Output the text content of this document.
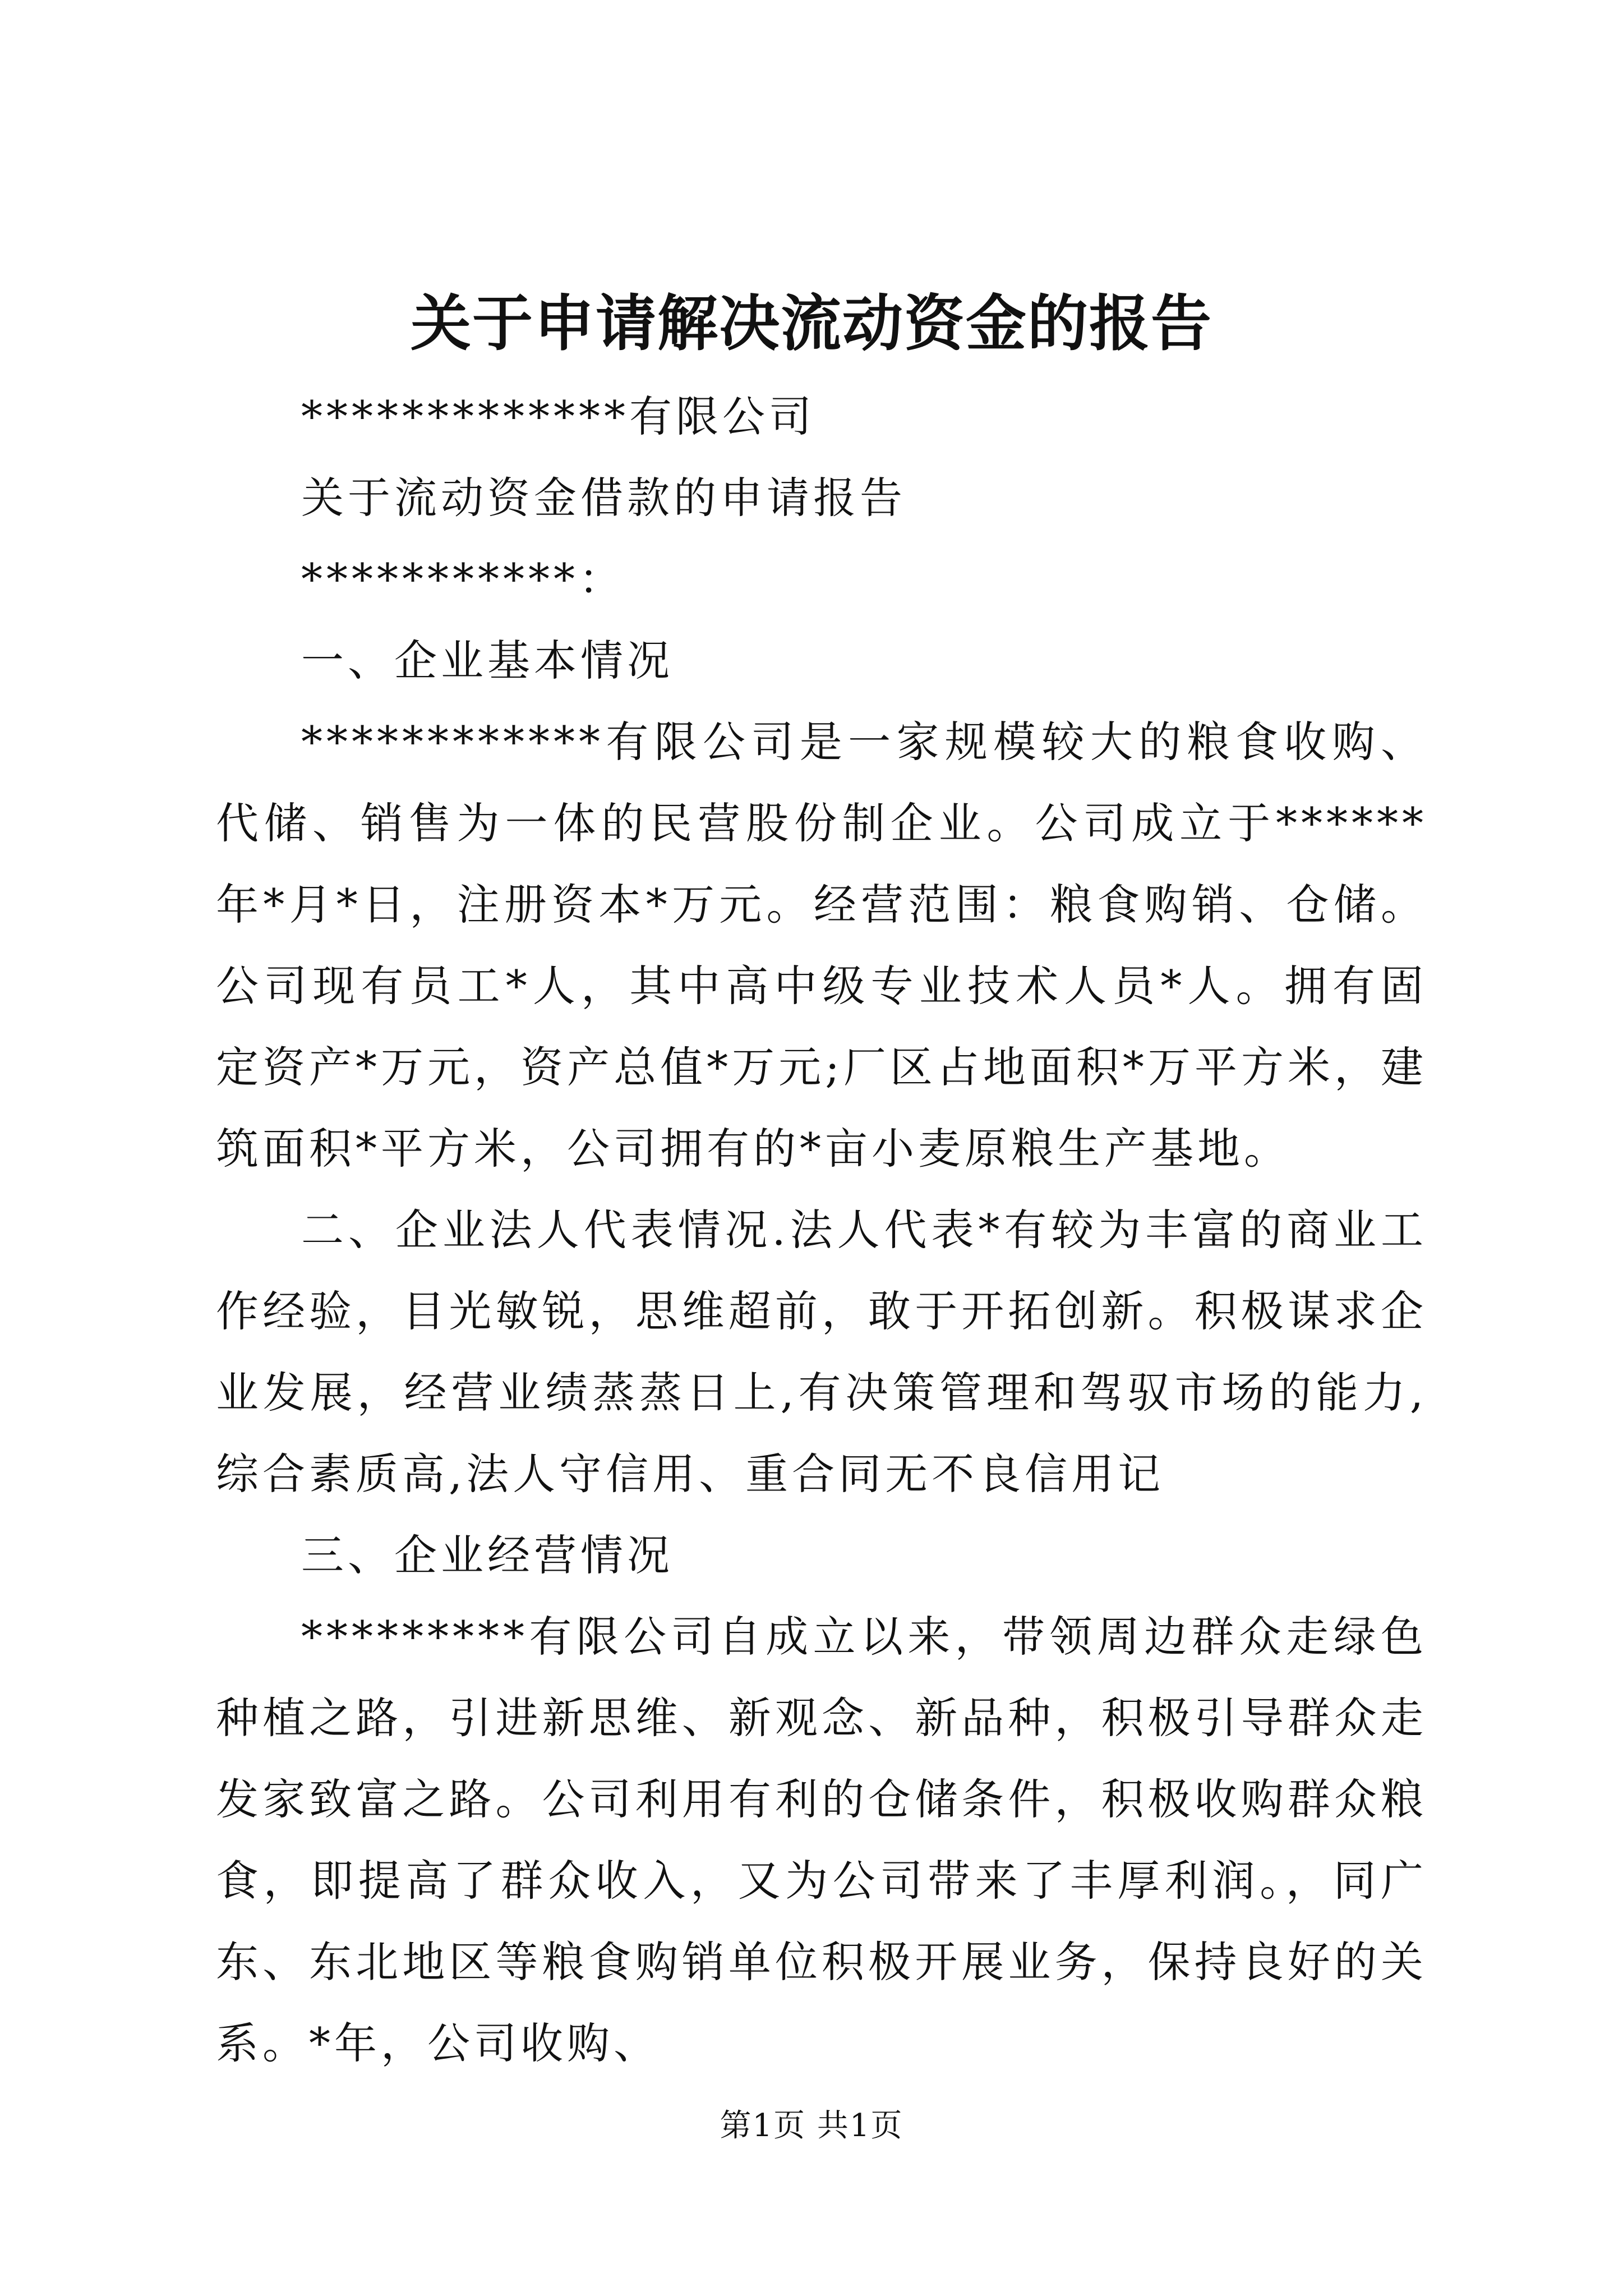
关于申请解决流动资金的报告

*************有限公司

关于流动资金借款的申请报告

***********：

一、企业基本情况

************有限公司是一家规模较大的粮食收购、代储、销售为一体的民营股份制企业。公司成立于******年*月*日，注册资本*万元。经营范围：粮食购销、仓储。公司现有员工*人，其中高中级专业技术人员*人。拥有固定资产*万元，资产总值*万元;厂区占地面积*万平方米，建筑面积*平方米，公司拥有的*亩小麦原粮生产基地。

二、企业法人代表情况.法人代表*有较为丰富的商业工作经验，目光敏锐，思维超前，敢于开拓创新。积极谋求企业发展，经营业绩蒸蒸日上,有决策管理和驾驭市场的能力,综合素质高,法人守信用、重合同无不良信用记

三、企业经营情况

*********有限公司自成立以来，带领周边群众走绿色种植之路，引进新思维、新观念、新品种，积极引导群众走发家致富之路。公司利用有利的仓储条件，积极收购群众粮食，即提高了群众收入，又为公司带来了丰厚利润。，同广东、东北地区等粮食购销单位积极开展业务，保持良好的关系。*年，公司收购、

第1页 共1页
